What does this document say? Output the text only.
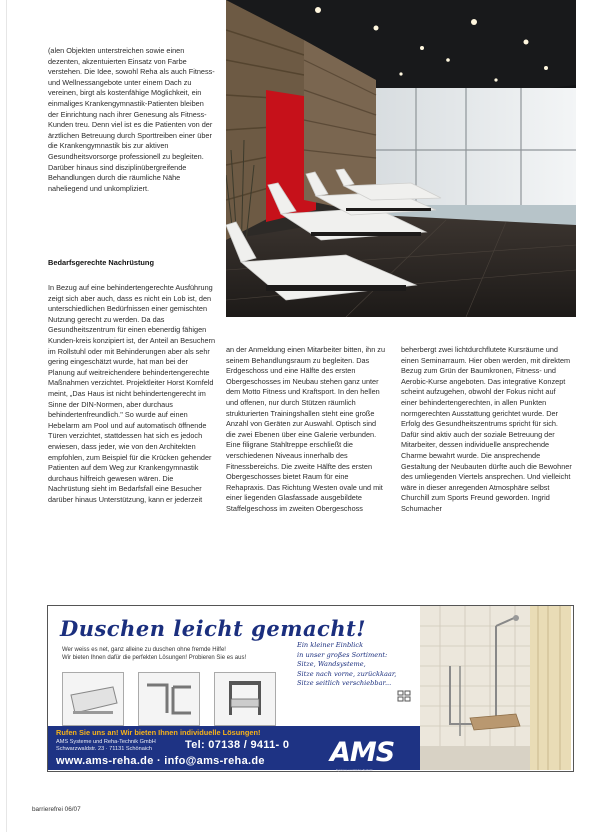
(alen Objekten unterstreichen sowie einen dezenten, akzentuierten Einsatz von Farbe verstehen. Die Idee, sowohl Reha als auch Fitness- und Wellnessangebote unter einem Dach zu vereinen, birgt als kostenfähige Möglichkeit, ein einmaliges Krankengymnastik-Patienten bleiben der Einrichtung nach ihrer Genesung als Fitness-Kunden treu. Denn viel ist es die Patienten von der ärztlichen Betreuung durch Sporttreiben einer über die Krankengymnastik bis zur aktiven Gesundheitsvorsorge professionell zu begleiten. Darüber hinaus sind disziplinübergreifende Behandlungen durch die räumliche Nähe naheliegend und unkompliziert.
Bedarfsgerechte Nachrüstung
In Bezug auf eine behindertengerechte Ausführung zeigt sich aber auch, dass es nicht ein Lob ist, den unterschiedlichen Bedürfnissen einer gemischten Nutzung gerecht zu werden. Da das Gesundheitszentrum für einen ebenerdig fähigen Kunden-kreis konzipiert ist, der Anteil an Besuchern im Rollstuhl oder mit Behinderungen aber als sehr gering eingeschätzt wurde, hat man bei der Planung auf weitreichendere behindertengerechte Maßnahmen verzichtet. Projektleiter Horst Kornfeld meint, „Das Haus ist nicht behindertengerecht im Sinne der DIN-Normen, aber durchaus behindertenfreundlich." So wurde auf einen Hebelarm am Pool und auf automatisch öffnende Türen verzichtet, stattdessen hat sich es jedoch erwiesen, dass jeder, wie von den Architekten empfohlen, zum Beispiel für die Krücken gehender Patienten auf dem Weg zur Krankengymnastik durchaus hilfreich gewesen wären. Die Nachrüstung sieht im Bedarfsfall eine Besucher darüber hinaus Unterstützung, kann er jederzeit
an der Anmeldung einen Mitarbeiter bitten, ihn zu seinem Behandlungsraum zu begleiten. Das Erdgeschoss und eine Hälfte des ersten Obergeschosses im Neubau stehen ganz unter dem Motto Fitness und Kraftsport. In den hellen und offenen, nur durch Stützen räumlich strukturierten Trainingshallen steht eine große Anzahl von Geräten zur Auswahl. Optisch sind die zwei Ebenen über eine Galerie verbunden. Eine filigrane Stahltreppe erschließt die verschiedenen Niveaus innerhalb des Fitnessbereichs. Die zweite Hälfte des ersten Obergeschosses bietet Raum für eine Rehapraxis. Das Richtung Westen ovale und mit einer liegenden Glasfassade ausgebildete Staffelgeschoss im zweiten Obergeschoss
beherbergt zwei lichtdurchflutete Kursräume und einen Seminarraum. Hier oben werden, mit direktem Bezug zum Grün der Baumkronen, Fitness- und Aerobic-Kurse angeboten. Das integrative Konzept scheint aufzugehen, obwohl der Fokus nicht auf einer behindertengerechten, in allen Punkten normgerechten Ausstattung gerichtet wurde. Der Erfolg des Gesundheitszentrums spricht für sich. Dafür sind aktiv auch der soziale Betreuung der Mitarbeiter, dessen individuelle ansprechende Charme bewahrt wurde. Die ansprechende Gestaltung der Neubauten dürfte auch die Bewohner des umliegenden Viertels ansprechen. Und vielleicht wäre in dieser anregenden Atmosphäre selbst Churchill zum Sports Freund geworden. Ingrid Schumacher
Duschen leicht gemacht!
Wer weiss es net, ganz alleine zu duschen ohne fremde Hilfe!
Wir bieten Ihnen dafür die perfekten Lösungen! Probieren Sie es aus!
Ein kleiner Einblick
in unser großes Sortiment:
Sitze, Wandsysteme,
Sitze nach vorne, zurückkaar,
Sitze seitlich verschiebbar...
Rufen Sie uns an! Wir bieten Ihnen individuelle Lösungen!
AMS Systeme und Reha-Technik GmbH
Schwarzwaldstr. 23 · 71131 Schönaich	Tel: 07138 / 9411- 0
www.ams-reha.de · info@ams-reha.de AMS
Systeme und Reha-Technik
barrierefrei 06/07
